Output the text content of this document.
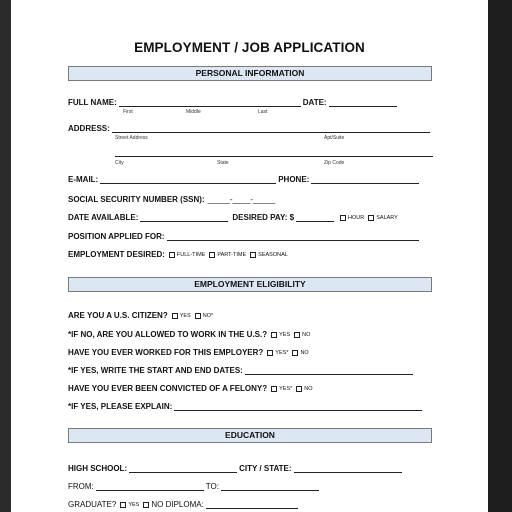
EMPLOYMENT / JOB APPLICATION
PERSONAL INFORMATION
FULL NAME:	DATE:
First	Middle	Last
ADDRESS:
Street Address	Apt/Suite
City	State	Zip Code
E-MAIL:	PHONE:
SOCIAL SECURITY NUMBER (SSN): _____-____-_____
DATE AVAILABLE:	DESIRED PAY: $	HOUR SALARY
POSITION APPLIED FOR:
EMPLOYMENT DESIRED: FULL-TIME PART-TIME SEASONAL
EMPLOYMENT ELIGIBILITY
ARE YOU A U.S. CITIZEN? YES NO*
*IF NO, ARE YOU ALLOWED TO WORK IN THE U.S.? YES NO
HAVE YOU EVER WORKED FOR THIS EMPLOYER? YES* NO
*IF YES, WRITE THE START AND END DATES:
HAVE YOU EVER BEEN CONVICTED OF A FELONY? YES* NO
*IF YES, PLEASE EXPLAIN:
EDUCATION
HIGH SCHOOL:	CITY / STATE:
FROM:	TO:
GRADUATE? YES NO DIPLOMA:
